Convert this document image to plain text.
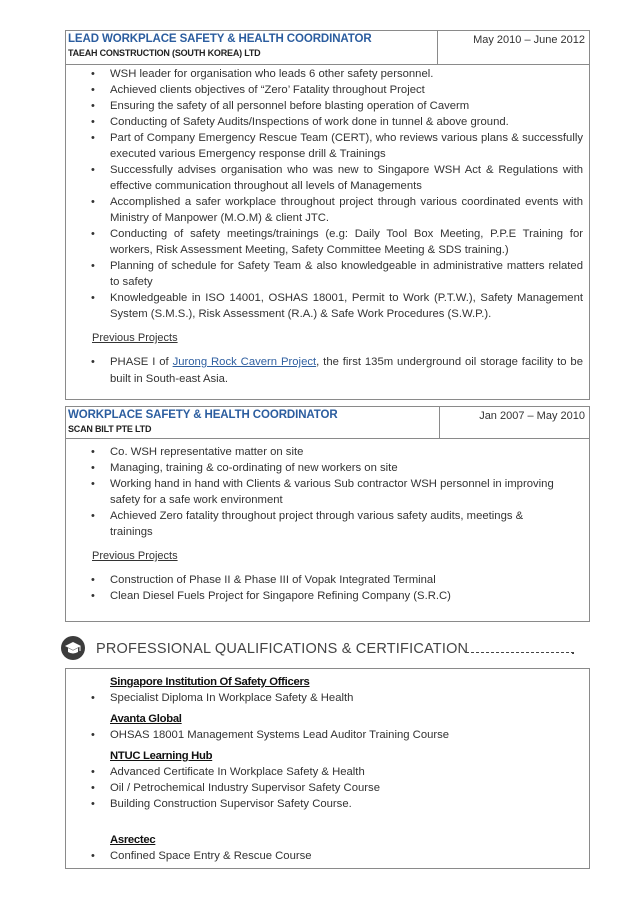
LEAD WORKPLACE SAFETY & HEALTH COORDINATOR
TAEAH CONSTRUCTION (SOUTH KOREA) LTD
May 2010 – June 2012
• WSH leader for organisation who leads 6 other safety personnel.
• Achieved clients objectives of “Zero’ Fatality throughout Project
• Ensuring the safety of all personnel before blasting operation of Caverm
• Conducting of Safety Audits/Inspections of work done in tunnel & above ground.
• Part of Company Emergency Rescue Team (CERT), who reviews various plans & successfully executed various Emergency response drill & Trainings
• Successfully advises organisation who was new to Singapore WSH Act & Regulations with effective communication throughout all levels of Managements
• Accomplished a safer workplace throughout project through various coordinated events with Ministry of Manpower (M.O.M) & client JTC.
• Conducting of safety meetings/trainings (e.g: Daily Tool Box Meeting, P.P.E Training for workers, Risk Assessment Meeting, Safety Committee Meeting & SDS training.)
• Planning of schedule for Safety Team & also knowledgeable in administrative matters related to safety
• Knowledgeable in ISO 14001, OSHAS 18001, Permit to Work (P.T.W.), Safety Management System (S.M.S.), Risk Assessment (R.A.) & Safe Work Procedures (S.W.P.).
Previous Projects
• PHASE I of Jurong Rock Cavern Project, the first 135m underground oil storage facility to be built in South-east Asia.
WORKPLACE SAFETY & HEALTH COORDINATOR
SCAN BILT PTE LTD
Jan 2007 – May 2010
• Co. WSH representative matter on site
• Managing, training & co-ordinating of new workers on site
• Working hand in hand with Clients & various Sub contractor WSH personnel in improving safety for a safe work environment
• Achieved Zero fatality throughout project through various safety audits, meetings & trainings
Previous Projects
• Construction of Phase II & Phase III of Vopak Integrated Terminal
• Clean Diesel Fuels Project for Singapore Refining Company (S.R.C)
PROFESSIONAL QUALIFICATIONS & CERTIFICATION
Singapore Institution Of Safety Officers
• Specialist Diploma In Workplace Safety & Health
Avanta Global
• OHSAS 18001 Management Systems Lead Auditor Training Course
NTUC Learning Hub
• Advanced Certificate In Workplace Safety & Health
• Oil / Petrochemical Industry Supervisor Safety Course
• Building Construction Supervisor Safety Course.
Asrectec
• Confined Space Entry & Rescue Course
